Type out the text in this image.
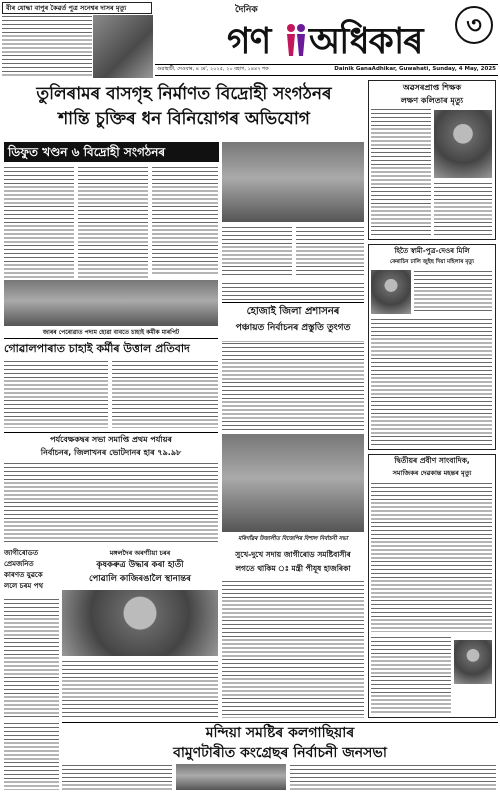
বীৰ যোদ্ধা বাপুৰ কৈৱৰ্ত পুত্ৰ সনেশ্বৰ দাসৰ মৃত্যু	দৈনিক
গণ অধিকাৰ	৩
গুৱাহাটী, দেওবাৰ, ৪ মে', ২০২৫, ২০ বহাগ, ১৪৪৭ শক	Dainik GanaAdhikar, Guwahati, Sunday, 4 May, 2025
তুলিৰামৰ বাসগৃহ নিৰ্মাণত বিদ্ৰোহী সংগঠনৰ
শান্তি চুক্তিৰ ধন বিনিয়োগৰ অভিযোগ
ডিফুত খণ্ডন ৬ বিদ্ৰোহী সংগঠনৰ
জাৰৰ পেৰোৱাত পদাম হোৱা বাবতে চাহাই কৰ্মীক মাৰপিট
গোৱালপাৰাত চাহাই কৰ্মীৰ উত্তাল প্ৰতিবাদ
পৰ্যবেক্ষকদ্বৰ সভা সমাপ্তি প্ৰথম পৰ্যায়ৰ
নিৰ্বাচনৰ, জিলাখনৰ ভোটদানৰ হাৰ ৭৯.৯৮
জাগীৰোডত
প্ৰেমজনিত
কাৰণত যুৱকে
ললে চৰম পথ
মঙ্গলদৈৰ অৰণ্যীয়া চৰৰ
কৃষকৰুত্ৰ উদ্ধাৰ কৰা হাতী
পোৱালি কাজিৰঙালৈ স্থানান্তৰ
হোজাই জিলা প্ৰশাসনৰ
পঞ্চায়ত নিৰ্বাচনৰ প্ৰস্তুতি তুংগত
মৰিগাঁৱৰ উজালীত বিজেপিৰ বিশাল নিৰ্বাচনী সভা
সুখে-দুখে সদায় জাগীৰোড সমষ্টিবাসীৰ
লগতে থাকিম ঃ মন্ত্ৰী পীযূষ হাজৰিকা
অৱসৰপ্ৰাপ্ত শিক্ষক
লক্ষণ কলিতাৰ মৃত্যু
হিতৈ স্বামী-পুত্ৰ-দেওৰ মিলি
কেৰাচিন ঢালি জুইছ দিয়া মহিলাৰ মৃত্যু
দ্বিতীয়ৰ প্ৰবীণ সাংবাদিক,
সমাজিকৰ দেৱকান্ত মহন্তৰ মৃত্যু
মন্দিয়া সমষ্টিৰ কলগাছিয়াৰ
বামুণটাৰীত কংগ্ৰেছৰ নিৰ্বাচনী জনসভা
